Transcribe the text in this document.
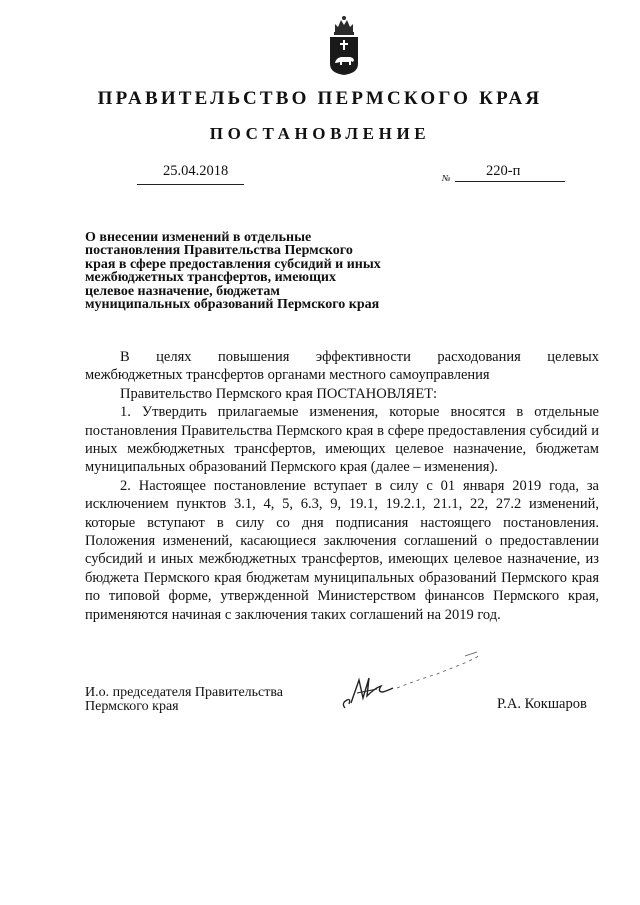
ПРАВИТЕЛЬСТВО ПЕРМСКОГО КРАЯ
ПОСТАНОВЛЕНИЕ
25.04.2018	№ 220-п
О внесении изменений в отдельные
постановления Правительства Пермского
края в сфере предоставления субсидий и иных
межбюджетных трансфертов, имеющих
целевое назначение, бюджетам
муниципальных образований Пермского края
В целях повышения эффективности расходования целевых
межбюджетных трансфертов органами местного самоуправления
Правительство Пермского края ПОСТАНОВЛЯЕТ:
1. Утвердить прилагаемые изменения, которые вносятся в отдельные постановления Правительства Пермского края в сфере предоставления субсидий и иных межбюджетных трансфертов, имеющих целевое назначение, бюджетам муниципальных образований Пермского края (далее – изменения).
2. Настоящее постановление вступает в силу с 01 января 2019 года, за исключением пунктов 3.1, 4, 5, 6.3, 9, 19.1, 19.2.1, 21.1, 22, 27.2 изменений, которые вступают в силу со дня подписания настоящего постановления. Положения изменений, касающиеся заключения соглашений о предоставлении субсидий и иных межбюджетных трансфертов, имеющих целевое назначение, из бюджета Пермского края бюджетам муниципальных образований Пермского края по типовой форме, утвержденной Министерством финансов Пермского края, применяются начиная с заключения таких соглашений на 2019 год.
И.о. председателя Правительства
Пермского края	Р.А. Кокшаров
